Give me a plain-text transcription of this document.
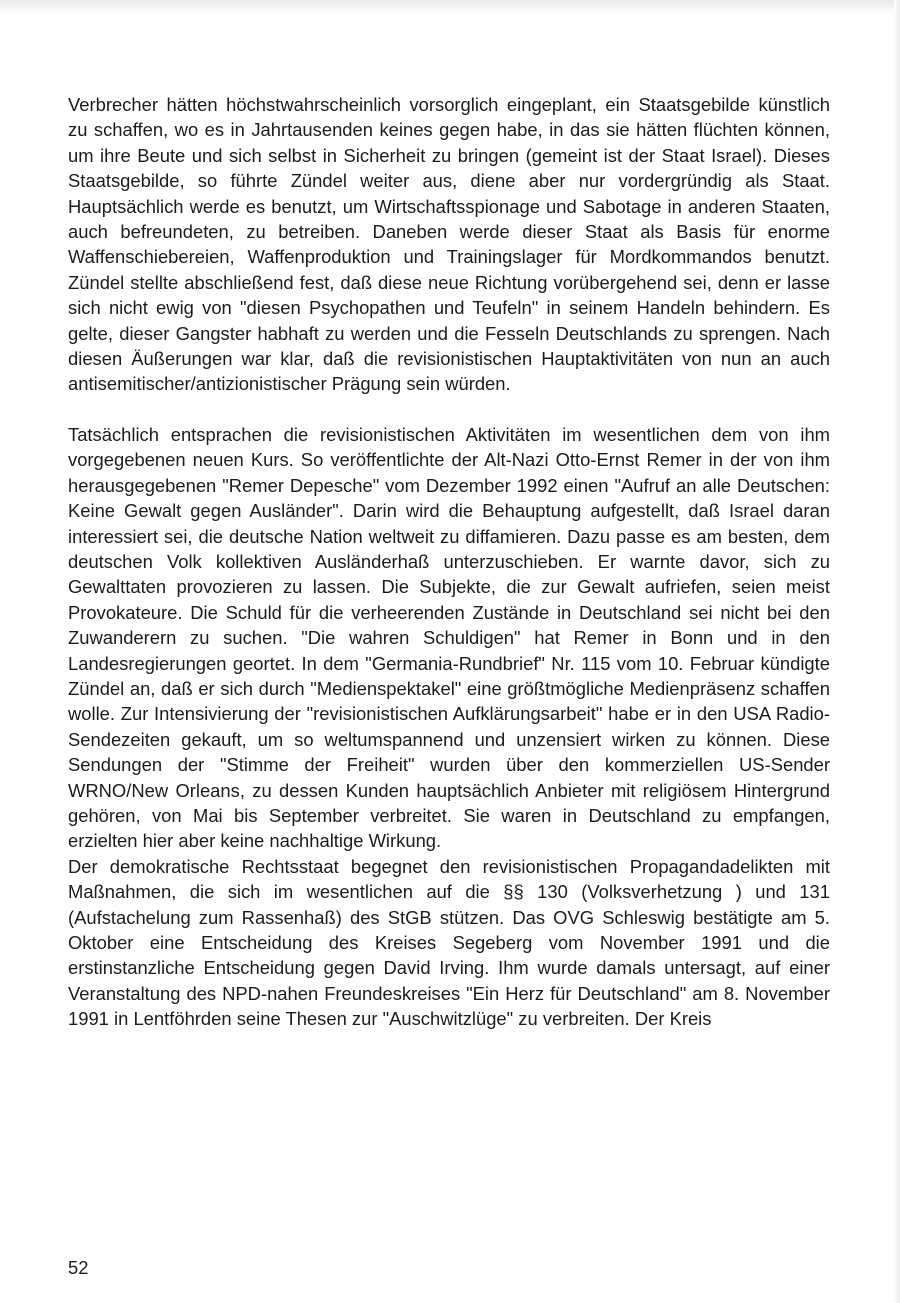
Verbrecher hätten höchstwahrscheinlich vorsorglich eingeplant, ein Staatsgebilde künstlich zu schaffen, wo es in Jahrtausenden keines gegen habe, in das sie hätten flüchten können, um ihre Beute und sich selbst in Sicherheit zu bringen (gemeint ist der Staat Israel). Dieses Staatsgebilde, so führte Zündel weiter aus, diene aber nur vordergründig als Staat. Hauptsächlich werde es benutzt, um Wirtschaftsspionage und Sabotage in anderen Staaten, auch befreundeten, zu betreiben. Daneben werde dieser Staat als Basis für enorme Waffenschiebereien, Waffenproduktion und Trainingslager für Mordkommandos benutzt. Zündel stellte abschließend fest, daß diese neue Richtung vorübergehend sei, denn er lasse sich nicht ewig von "diesen Psychopathen und Teufeln" in seinem Handeln behindern. Es gelte, dieser Gangster habhaft zu werden und die Fesseln Deutschlands zu sprengen. Nach diesen Äußerungen war klar, daß die revisionistischen Hauptaktivitäten von nun an auch antisemitischer/antizionistischer Prägung sein würden.

Tatsächlich entsprachen die revisionistischen Aktivitäten im wesentlichen dem von ihm vorgegebenen neuen Kurs. So veröffentlichte der Alt-Nazi Otto-Ernst Remer in der von ihm herausgegebenen "Remer Depesche" vom Dezember 1992 einen "Aufruf an alle Deutschen: Keine Gewalt gegen Ausländer". Darin wird die Behauptung aufgestellt, daß Israel daran interessiert sei, die deutsche Nation weltweit zu diffamieren. Dazu passe es am besten, dem deutschen Volk kollektiven Ausländerhaß unterzuschieben. Er warnte davor, sich zu Gewalttaten provozieren zu lassen. Die Subjekte, die zur Gewalt aufriefen, seien meist Provokateure. Die Schuld für die verheerenden Zustände in Deutschland sei nicht bei den Zuwanderern zu suchen. "Die wahren Schuldigen" hat Remer in Bonn und in den Landesregierungen geortet. In dem "Germania-Rundbrief" Nr. 115 vom 10. Februar kündigte Zündel an, daß er sich durch "Medienspektakel" eine größtmögliche Medienpräsenz schaffen wolle. Zur Intensivierung der "revisionistischen Aufklärungsarbeit" habe er in den USA Radio-Sendezeiten gekauft, um so weltumspannend und unzensiert wirken zu können. Diese Sendungen der "Stimme der Freiheit" wurden über den kommerziellen US-Sender WRNO/New Orleans, zu dessen Kunden hauptsächlich Anbieter mit religiösem Hintergrund gehören, von Mai bis September verbreitet. Sie waren in Deutschland zu empfangen, erzielten hier aber keine nachhaltige Wirkung.

Der demokratische Rechtsstaat begegnet den revisionistischen Propagandadelikten mit Maßnahmen, die sich im wesentlichen auf die §§ 130 (Volksverhetzung ) und 131 (Aufstachelung zum Rassenhaß) des StGB stützen. Das OVG Schleswig bestätigte am 5. Oktober eine Entscheidung des Kreises Segeberg vom November 1991 und die erstinstanzliche Entscheidung gegen David Irving. Ihm wurde damals untersagt, auf einer Veranstaltung des NPD-nahen Freundeskreises "Ein Herz für Deutschland" am 8. November 1991 in Lentföhrden seine Thesen zur "Auschwitzlüge" zu verbreiten. Der Kreis

52
